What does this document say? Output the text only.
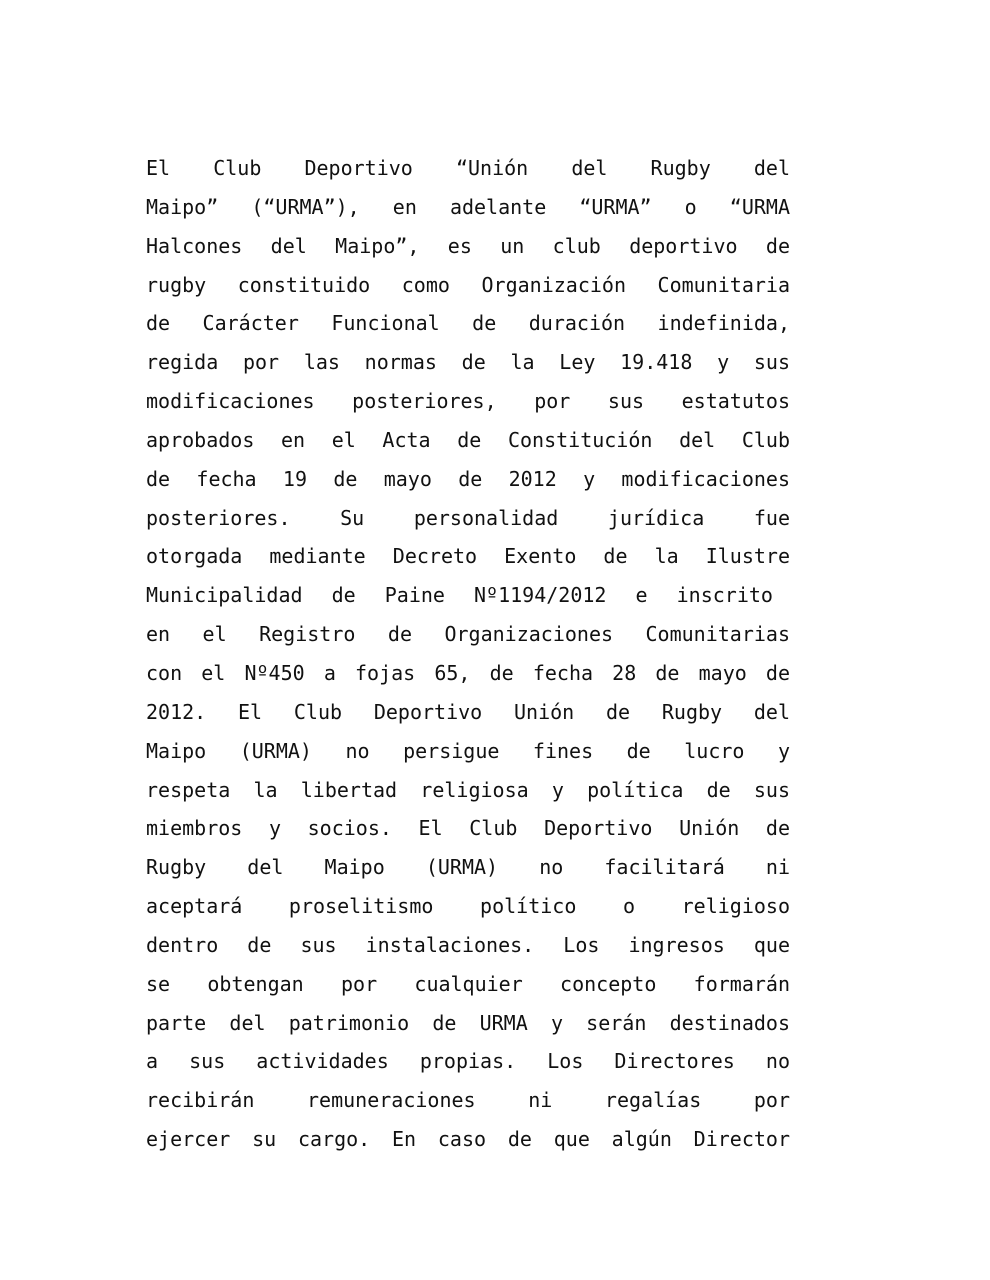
El Club Deportivo “Unión del Rugby del
Maipo” (“URMA”), en adelante “URMA” o “URMA
Halcones del Maipo”, es un club deportivo de
rugby constituido como Organización Comunitaria
de Carácter Funcional de duración indefinida,
regida por las normas de la Ley 19.418 y sus
modificaciones posteriores, por sus estatutos
aprobados en el Acta de Constitución del Club
de fecha 19 de mayo de 2012 y modificaciones
posteriores. Su personalidad jurídica fue
otorgada mediante Decreto Exento de la Ilustre
Municipalidad de Paine Nº1194/2012 e inscrito
en el Registro de Organizaciones Comunitarias
con el Nº450 a fojas 65, de fecha 28 de mayo de
2012. El Club Deportivo Unión de Rugby del
Maipo (URMA) no persigue fines de lucro y
respeta la libertad religiosa y política de sus
miembros y socios. El Club Deportivo Unión de
Rugby del Maipo (URMA) no facilitará ni
aceptará proselitismo político o religioso
dentro de sus instalaciones. Los ingresos que
se obtengan por cualquier concepto formarán
parte del patrimonio de URMA y serán destinados
a sus actividades propias. Los Directores no
recibirán remuneraciones ni regalías por
ejercer su cargo. En caso de que algún Director
